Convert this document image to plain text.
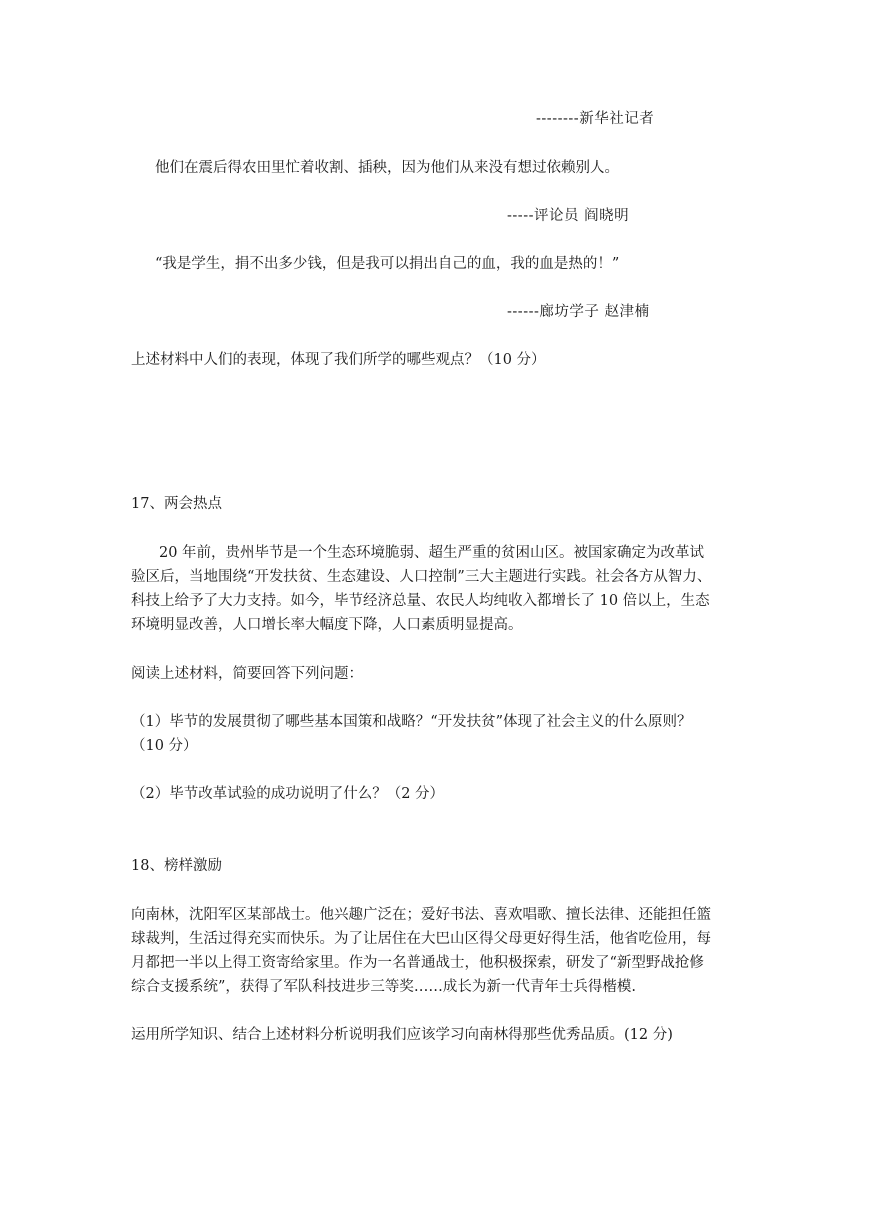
--------新华社记者
他们在震后得农田里忙着收割、插秧，因为他们从来没有想过依赖别人。
-----评论员 阎晓明
“我是学生，捐不出多少钱，但是我可以捐出自己的血，我的血是热的！”
------廊坊学子 赵津楠
上述材料中人们的表现，体现了我们所学的哪些观点？（10 分）
17、两会热点
20 年前，贵州毕节是一个生态环境脆弱、超生严重的贫困山区。被国家确定为改革试
验区后，当地围绕“开发扶贫、生态建设、人口控制”三大主题进行实践。社会各方从智力、
科技上给予了大力支持。如今，毕节经济总量、农民人均纯收入都增长了 10 倍以上，生态
环境明显改善，人口增长率大幅度下降，人口素质明显提高。
阅读上述材料，简要回答下列问题：
（1）毕节的发展贯彻了哪些基本国策和战略？“开发扶贫”体现了社会主义的什么原则？
（10 分）
（2）毕节改革试验的成功说明了什么？（2 分）
18、榜样激励
向南林，沈阳军区某部战士。他兴趣广泛在；爱好书法、喜欢唱歌、擅长法律、还能担任篮
球裁判，生活过得充实而快乐。为了让居住在大巴山区得父母更好得生活，他省吃俭用，每
月都把一半以上得工资寄给家里。作为一名普通战士，他积极探索，研发了“新型野战抢修
综合支援系统”，获得了军队科技进步三等奖……成长为新一代青年士兵得楷模.
运用所学知识、结合上述材料分析说明我们应该学习向南林得那些优秀品质。(12 分)
